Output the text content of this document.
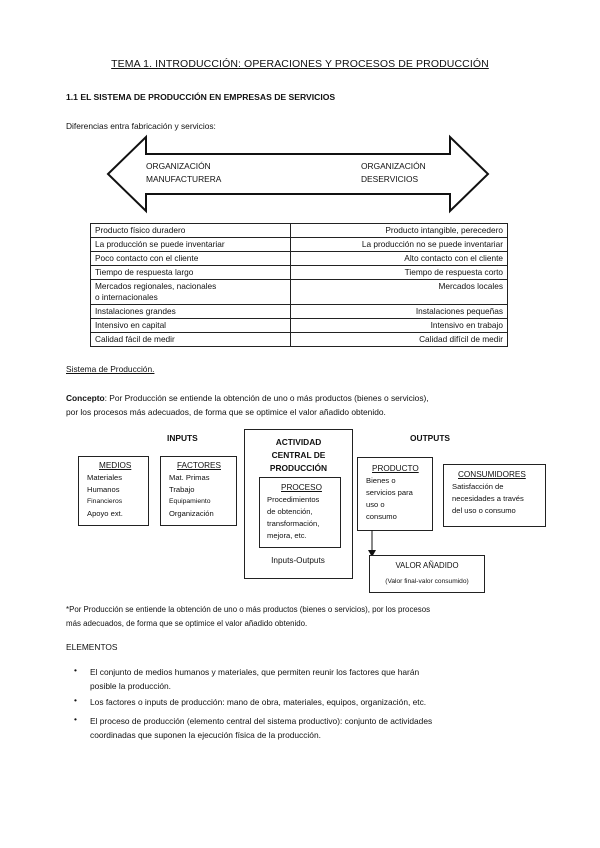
TEMA 1. INTRODUCCIÓN: OPERACIONES Y PROCESOS DE PRODUCCIÓN
1.1 EL SISTEMA DE PRODUCCIÓN EN EMPRESAS DE SERVICIOS
Diferencias entra fabricación y servicios:
ORGANIZACIÓN
MANUFACTURERA
ORGANIZACIÓN
DESERVICIOS
Producto físico duradero	Producto intangible, perecedero
La producción se puede inventariar	La producción no se puede inventariar
Poco contacto con el cliente	Alto contacto con el cliente
Tiempo de respuesta largo	Tiempo de respuesta corto

Mercados regionales, nacionales
o internacionales	Mercados locales
Instalaciones grandes	Instalaciones pequeñas
Intensivo en capital	Intensivo en trabajo
Calidad fácil de medir	Calidad difícil de medir
Sistema de Producción.
Concepto: Por Producción se entiende la obtención de uno o más productos (bienes o servicios),
por los procesos más adecuados, de forma que se optimice el valor añadido obtenido.
INPUTS	OUTPUTS
MEDIOS
Materiales
Humanos
Financieros
Apoyo ext.
FACTORES
Mat. Primas
Trabajo
Equipamiento
Organización
ACTIVIDAD
CENTRAL DE
PRODUCCIÓN
Inputs-Outputs
PROCESO
Procedimientos
de obtención,
transformación,
mejora, etc.
PRODUCTO
Bienes o
servicios para
uso o
consumo
CONSUMIDORES
Satisfacción de
necesidades a través
del uso o consumo
VALOR AÑADIDO
(Valor final-valor consumido)
*Por Producción se entiende la obtención de uno o más productos (bienes o servicios), por los procesos
más adecuados, de forma que se optimice el valor añadido obtenido.
ELEMENTOS
• El conjunto de medios humanos y materiales, que permiten reunir los factores que harán
posible la producción.
• Los factores o inputs de producción: mano de obra, materiales, equipos, organización, etc.
• El proceso de producción (elemento central del sistema productivo): conjunto de actividades
coordinadas que suponen la ejecución física de la producción.
